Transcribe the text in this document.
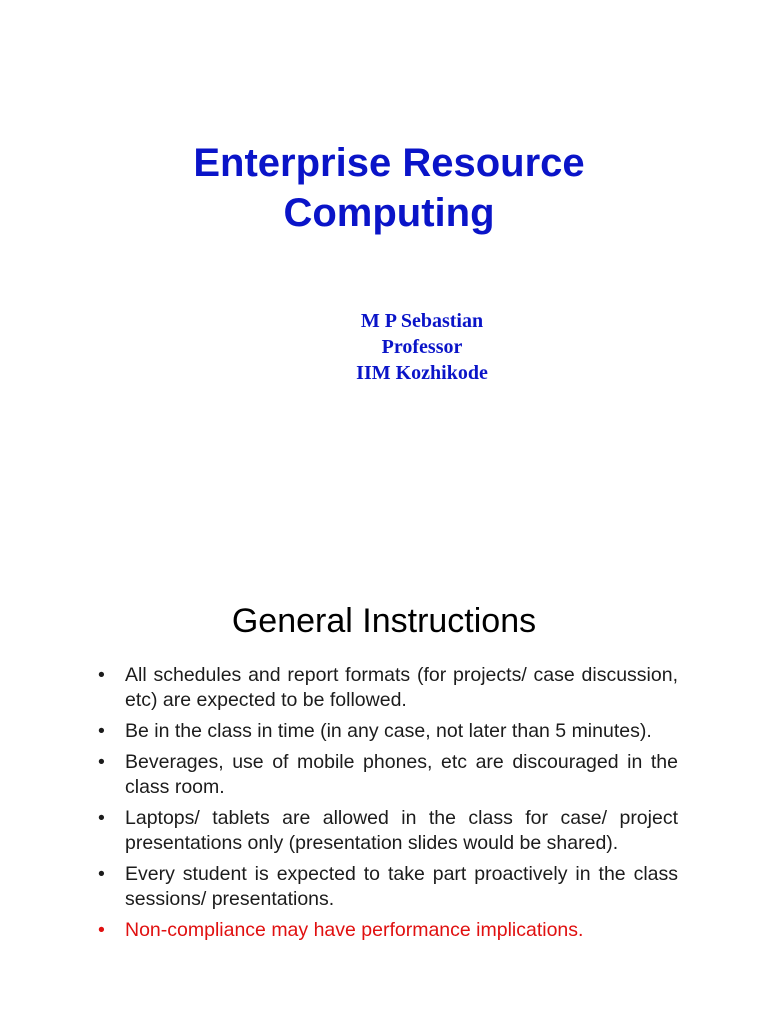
Enterprise Resource
Computing
M P Sebastian
Professor
IIM Kozhikode
General Instructions
•	All schedules and report formats (for projects/ case discussion, etc) are expected to be followed.
•	Be in the class in time (in any case, not later than 5 minutes).
•	Beverages, use of mobile phones, etc are discouraged in the class room.
•	Laptops/ tablets are allowed in the class for case/ project presentations only (presentation slides would be shared).
•	Every student is expected to take part proactively in the class sessions/ presentations.
•	Non-compliance may have performance implications.
